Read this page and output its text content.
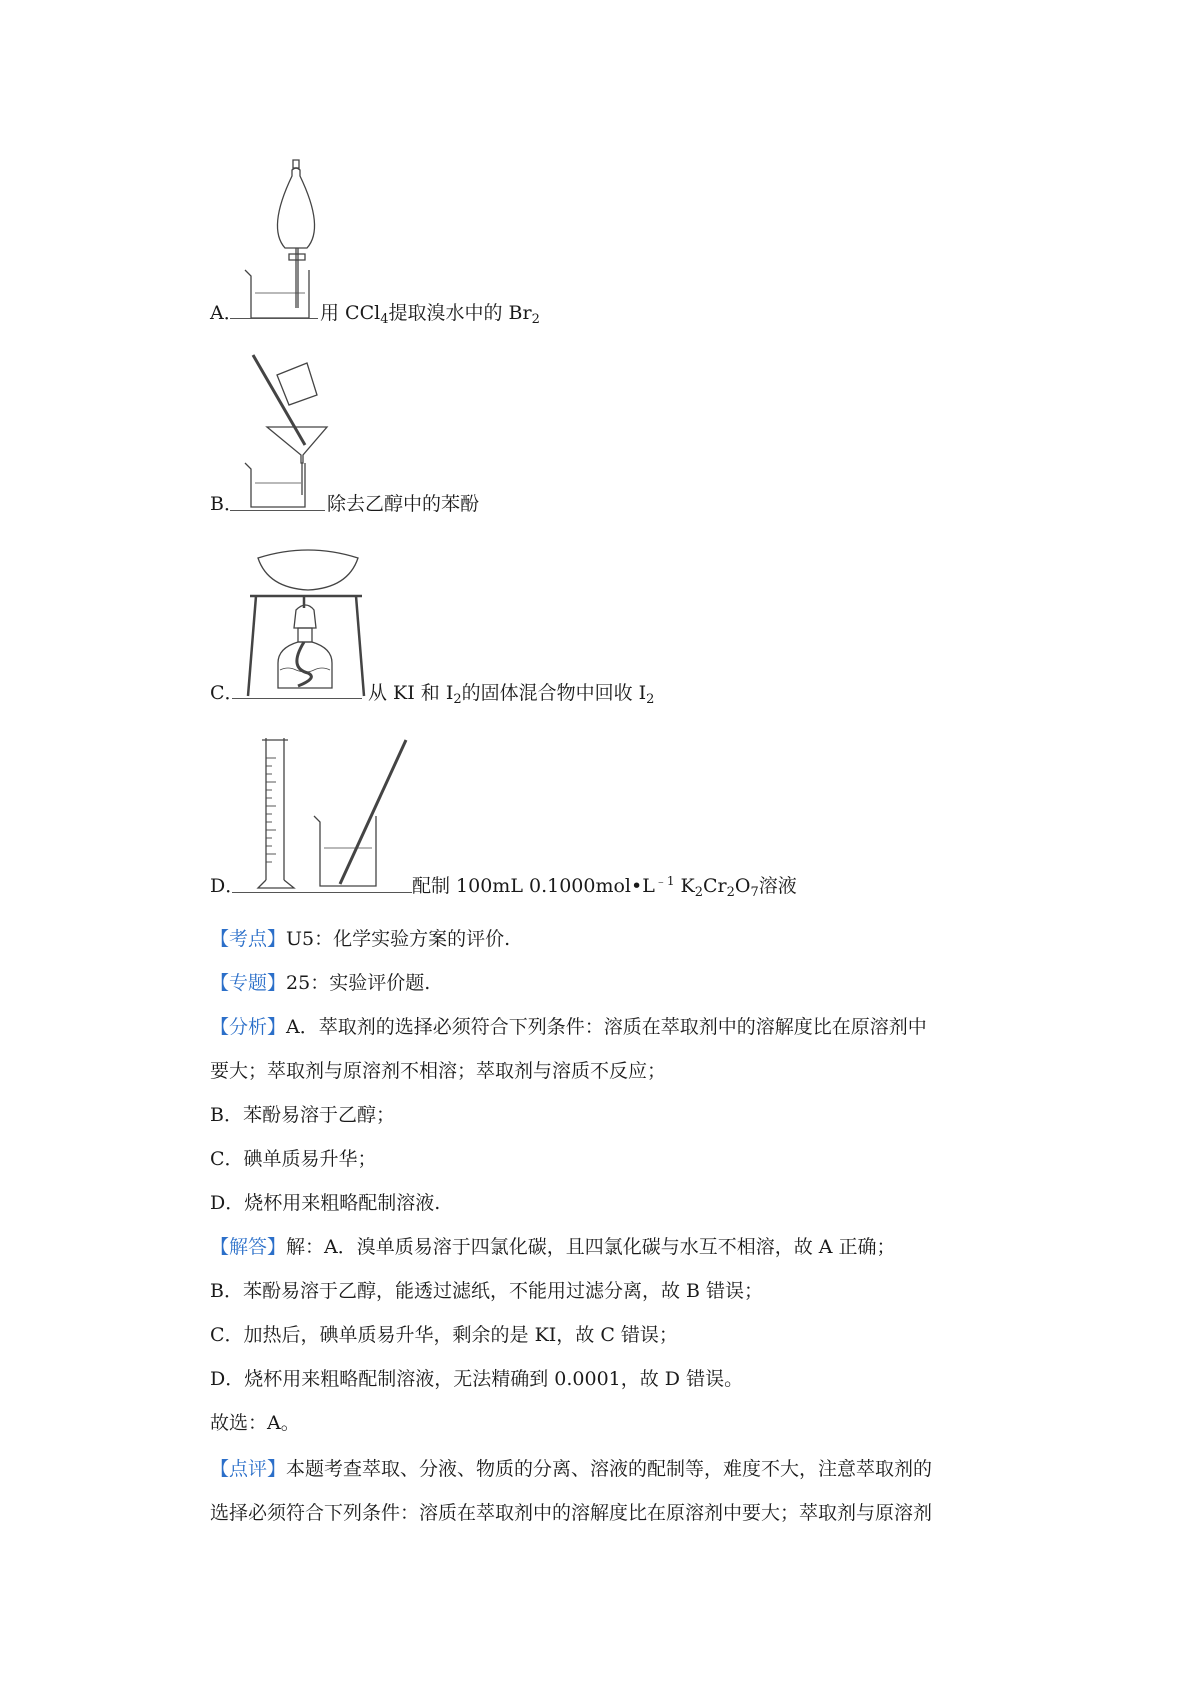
A．	用 CCl$_4$提取溴水中的 $Br_2$
B．	除去乙醇中的苯酚
C．	从 KI 和 $I_2$的固体混合物中回收 $I_2$
D．	配制 100mL $0.1000mol•L^{﹣1}$ $K_2Cr_2O_7$溶液
【考点】U5：化学实验方案的评价.
【专题】25：实验评价题.
【分析】A．萃取剂的选择必须符合下列条件：溶质在萃取剂中的溶解度比在原溶剂中
要大；萃取剂与原溶剂不相溶；萃取剂与溶质不反应；
B．苯酚易溶于乙醇；
C．碘单质易升华；
D．烧杯用来粗略配制溶液.
【解答】解：A．溴单质易溶于四氯化碳，且四氯化碳与水互不相溶，故 A 正确；
B．苯酚易溶于乙醇，能透过滤纸，不能用过滤分离，故 B 错误；
C．加热后，碘单质易升华，剩余的是 KI，故 C 错误；
D．烧杯用来粗略配制溶液，无法精确到 0.0001，故 D 错误。
故选：A。
【点评】本题考查萃取、分液、物质的分离、溶液的配制等，难度不大，注意萃取剂的
选择必须符合下列条件：溶质在萃取剂中的溶解度比在原溶剂中要大；萃取剂与原溶剂
